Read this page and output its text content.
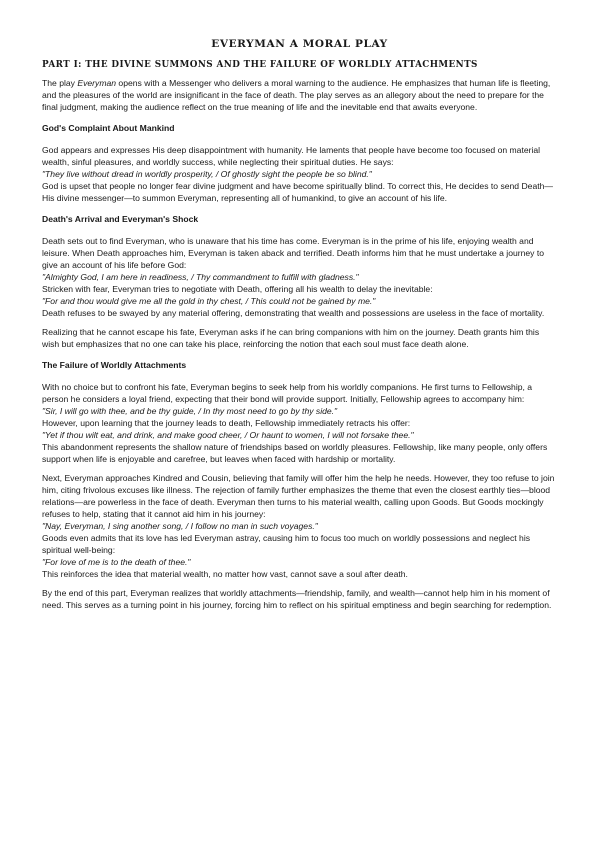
EVERYMAN A MORAL PLAY
PART I: THE DIVINE SUMMONS AND THE FAILURE OF WORLDLY ATTACHMENTS

The play Everyman opens with a Messenger who delivers a moral warning to the audience. He emphasizes that human life is fleeting, and the pleasures of the world are insignificant in the face of death. The play serves as an allegory about the need to prepare for the final judgment, making the audience reflect on the true meaning of life and the inevitable end that awaits everyone.

God's Complaint About Mankind

God appears and expresses His deep disappointment with humanity. He laments that people have become too focused on material wealth, sinful pleasures, and worldly success, while neglecting their spiritual duties. He says:

"They live without dread in worldly prosperity, / Of ghostly sight the people be so blind."

God is upset that people no longer fear divine judgment and have become spiritually blind. To correct this, He decides to send Death—His divine messenger—to summon Everyman, representing all of humankind, to give an account of his life.

Death's Arrival and Everyman's Shock

Death sets out to find Everyman, who is unaware that his time has come. Everyman is in the prime of his life, enjoying wealth and leisure. When Death approaches him, Everyman is taken aback and terrified. Death informs him that he must undertake a journey to give an account of his life before God:

"Almighty God, I am here in readiness, / Thy commandment to fulfill with gladness."

Stricken with fear, Everyman tries to negotiate with Death, offering all his wealth to delay the inevitable:

"For and thou would give me all the gold in thy chest, / This could not be gained by me."

Death refuses to be swayed by any material offering, demonstrating that wealth and possessions are useless in the face of mortality.

Realizing that he cannot escape his fate, Everyman asks if he can bring companions with him on the journey. Death grants him this wish but emphasizes that no one can take his place, reinforcing the notion that each soul must face death alone.

The Failure of Worldly Attachments

With no choice but to confront his fate, Everyman begins to seek help from his worldly companions. He first turns to Fellowship, a person he considers a loyal friend, expecting that their bond will provide support. Initially, Fellowship agrees to accompany him:

"Sir, I will go with thee, and be thy guide, / In thy most need to go by thy side."

However, upon learning that the journey leads to death, Fellowship immediately retracts his offer:

"Yet if thou wilt eat, and drink, and make good cheer, / Or haunt to women, I will not forsake thee."

This abandonment represents the shallow nature of friendships based on worldly pleasures. Fellowship, like many people, only offers support when life is enjoyable and carefree, but leaves when faced with hardship or mortality.

Next, Everyman approaches Kindred and Cousin, believing that family will offer him the help he needs. However, they too refuse to join him, citing frivolous excuses like illness. The rejection of family further emphasizes the theme that even the closest earthly ties—blood relations—are powerless in the face of death. Everyman then turns to his material wealth, calling upon Goods. But Goods mockingly refuses to help, stating that it cannot aid him in his journey:

"Nay, Everyman, I sing another song, / I follow no man in such voyages."

Goods even admits that its love has led Everyman astray, causing him to focus too much on worldly possessions and neglect his spiritual well-being:

"For love of me is to the death of thee."

This reinforces the idea that material wealth, no matter how vast, cannot save a soul after death.

By the end of this part, Everyman realizes that worldly attachments—friendship, family, and wealth—cannot help him in his moment of need. This serves as a turning point in his journey, forcing him to reflect on his spiritual emptiness and begin searching for redemption.
